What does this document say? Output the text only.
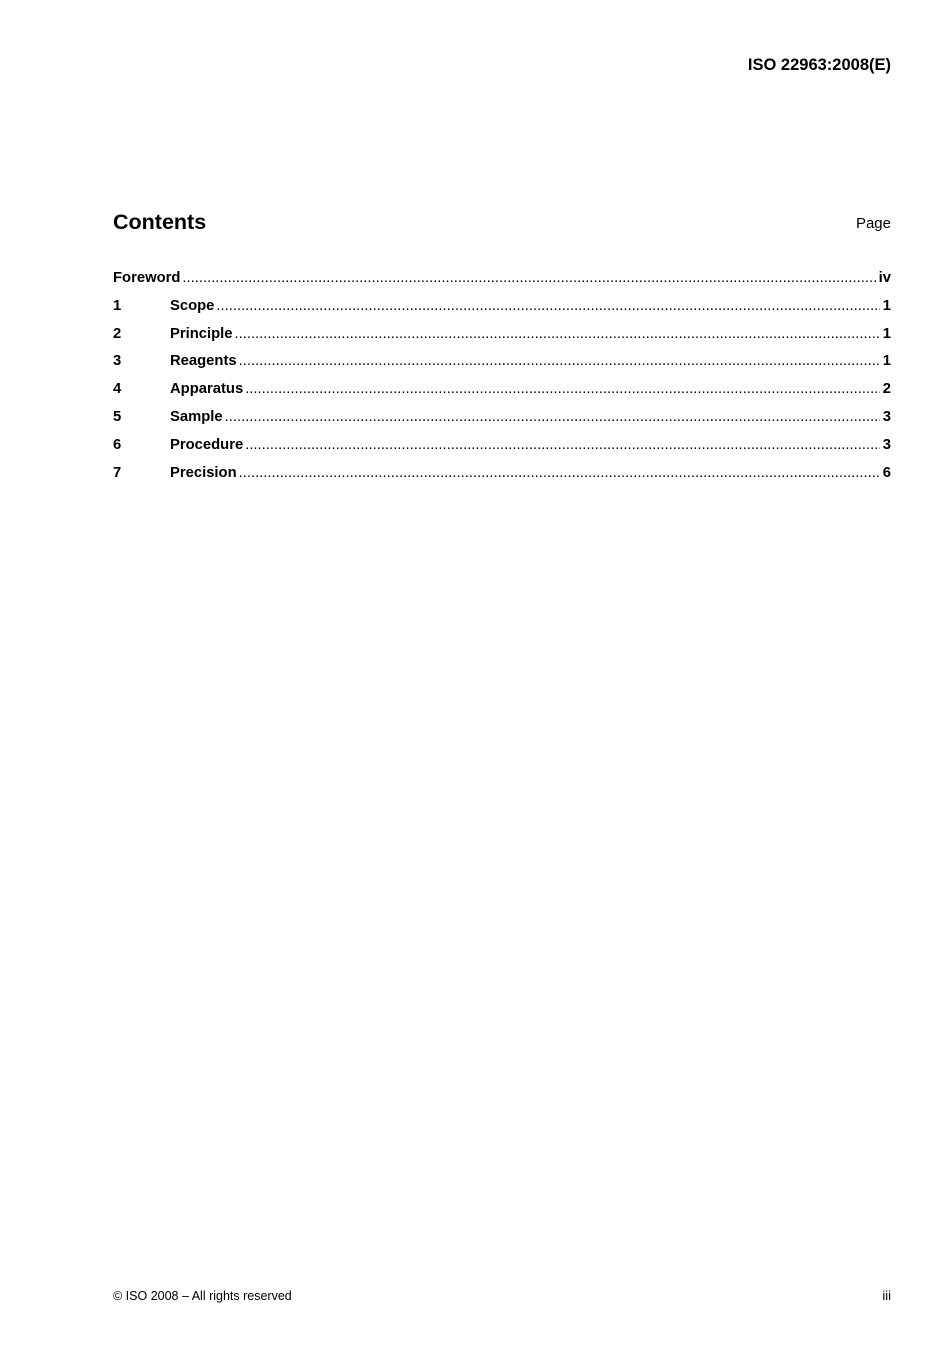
ISO 22963:2008(E)
Contents	Page
Foreword .....	iv
1	Scope .....	1
2	Principle .....	1
3	Reagents .....	1
4	Apparatus .....	2
5	Sample .....	3
6	Procedure .....	3
7	Precision .....	6
© ISO 2008 – All rights reserved	iii
